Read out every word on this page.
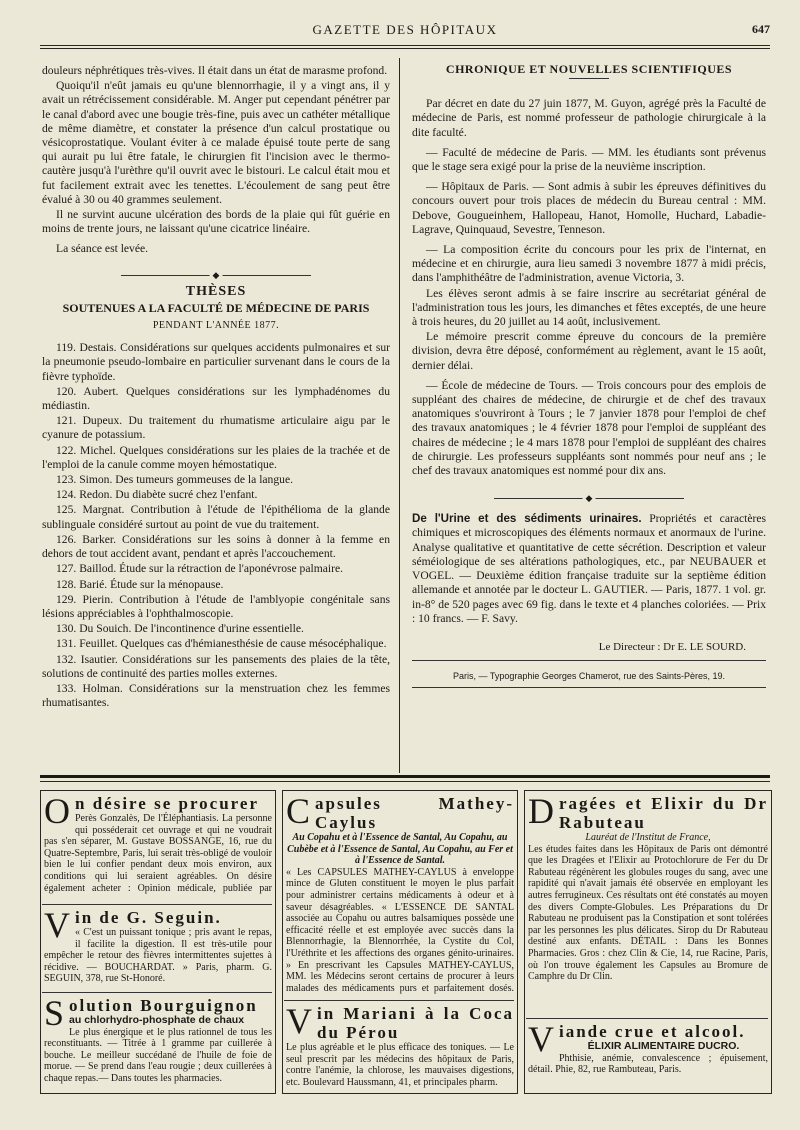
GAZETTE DES HÔPITAUX	647

douleurs néphrétiques très-vives. Il était dans un état de marasme profond.

Quoiqu'il n'eût jamais eu qu'une blennorrhagie, il y a vingt ans, il y avait un rétrécissement considérable. M. Anger put cependant pénétrer par le canal d'abord avec une bougie très-fine, puis avec un cathéter métallique de même diamètre, et constater la présence d'un calcul prostatique ou vésicoprostatique. Voulant éviter à ce malade épuisé toute perte de sang qui aurait pu lui être fatale, le chirurgien fit l'incision avec le thermo-cautère jusqu'à l'urèthre qu'il ouvrit avec le bistouri. Le calcul était mou et fut facilement extrait avec les tenettes. L'écoulement de sang peut être évalué à 30 ou 40 grammes seulement.

Il ne survint aucune ulcération des bords de la plaie qui fût guérie en moins de trente jours, ne laissant qu'une cicatrice linéaire.

La séance est levée.

◆
THÈSES
SOUTENUES A LA FACULTÉ DE MÉDECINE DE PARIS
PENDANT L'ANNÉE 1877.

119. Destais. Considérations sur quelques accidents pulmonaires et sur la pneumonie pseudo-lombaire en particulier survenant dans le cours de la fièvre typhoïde.

120. Aubert. Quelques considérations sur les lymphadénomes du médiastin.

121. Dupeux. Du traitement du rhumatisme articulaire aigu par le cyanure de potassium.

122. Michel. Quelques considérations sur les plaies de la trachée et de l'emploi de la canule comme moyen hémostatique.

123. Simon. Des tumeurs gommeuses de la langue.

124. Redon. Du diabète sucré chez l'enfant.

125. Margnat. Contribution à l'étude de l'épithélioma de la glande sublinguale considéré surtout au point de vue du traitement.

126. Barker. Considérations sur les soins à donner à la femme en dehors de tout accident avant, pendant et après l'accouchement.

127. Baillod. Étude sur la rétraction de l'aponévrose palmaire.

128. Barié. Étude sur la ménopause.

129. Pierin. Contribution à l'étude de l'amblyopie congénitale sans lésions appréciables à l'ophthalmoscopie.

130. Du Souich. De l'incontinence d'urine essentielle.

131. Feuillet. Quelques cas d'hémianesthésie de cause mésocéphalique.

132. Isautier. Considérations sur les pansements des plaies de la tête, solutions de continuité des parties molles externes.

133. Holman. Considérations sur la menstruation chez les femmes rhumatisantes.

CHRONIQUE ET NOUVELLES SCIENTIFIQUES

Par décret en date du 27 juin 1877, M. Guyon, agrégé près la Faculté de médecine de Paris, est nommé professeur de pathologie chirurgicale à la dite faculté.

— Faculté de médecine de Paris. — MM. les étudiants sont prévenus que le stage sera exigé pour la prise de la neuvième inscription.

— Hôpitaux de Paris. — Sont admis à subir les épreuves définitives du concours ouvert pour trois places de médecin du Bureau central : MM. Debove, Gougueinhem, Hallopeau, Hanot, Homolle, Huchard, Labadie-Lagrave, Quinquaud, Sevestre, Tenneson.

— La composition écrite du concours pour les prix de l'internat, en médecine et en chirurgie, aura lieu samedi 3 novembre 1877 à midi précis, dans l'amphithéâtre de l'administration, avenue Victoria, 3.

Les élèves seront admis à se faire inscrire au secrétariat général de l'administration tous les jours, les dimanches et fêtes exceptés, de une heure à trois heures, du 20 juillet au 14 août, inclusivement.

Le mémoire prescrit comme épreuve du concours de la première division, devra être déposé, conformément au règlement, avant le 15 août, dernier délai.

— École de médecine de Tours. — Trois concours pour des emplois de suppléant des chaires de médecine, de chirurgie et de chef des travaux anatomiques s'ouvriront à Tours ; le 7 janvier 1878 pour l'emploi de chef des travaux anatomiques ; le 4 février 1878 pour l'emploi de suppléant des chaires de médecine ; le 4 mars 1878 pour l'emploi de suppléant des chaires de chirurgie. Les professeurs suppléants sont nommés pour neuf ans ; le chef des travaux anatomiques est nommé pour dix ans.

◆

De l'Urine et des sédiments urinaires. Propriétés et caractères chimiques et microscopiques des éléments normaux et anormaux de l'urine. Analyse qualitative et quantitative de cette sécrétion. Description et valeur séméiologique de ses altérations pathologiques, etc., par NEUBAUER et VOGEL. — Deuxième édition française traduite sur la septième édition allemande et annotée par le docteur L. GAUTIER. — Paris, 1877. 1 vol. gr. in-8° de 520 pages avec 69 fig. dans le texte et 4 planches coloriées. — Prix : 10 francs. — F. Savy.

Le Directeur : Dr E. LE SOURD.
Paris, — Typographie Georges Chamerot, rue des Saints-Pères, 19.
On désire se procurer

Perès Gonzalès, De l'Éléphantiasis. La personne qui posséderait cet ouvrage et qui ne voudrait pas s'en séparer, M. Gustave BOSSANGE, 16, rue du Quatre-Septembre, Paris, lui serait très-obligé de vouloir bien le lui confier pendant deux mois environ, aux conditions qui lui seraient agréables. On désire également acheter : Opinion médicale, publiée par

Vin de G. Seguin.

« C'est un puissant tonique ; pris avant le repas, il facilite la digestion. Il est très-utile pour empêcher le retour des fièvres intermittentes sujettes à récidive. — BOUCHARDAT. » Paris, pharm. G. SEGUIN, 378, rue St-Honoré.

Solution Bourguignon
au chlorhydro-phosphate de chaux

Le plus énergique et le plus rationnel de tous les reconstituants. — Titrée à 1 gramme par cuillerée à bouche. Le meilleur succédané de l'huile de foie de morue. — Se prend dans l'eau rougie ; deux cuillerées à chaque repas.— Dans toutes les pharmacies.

Capsules Mathey-Caylus
Au Copahu et à l'Essence de Santal, Au Copahu, au Cubèbe et à l'Essence de Santal, Au Copahu, au Fer et à l'Essence de Santal.

« Les CAPSULES MATHEY-CAYLUS à enveloppe mince de Gluten constituent le moyen le plus parfait pour administrer certains médicaments à odeur et à saveur désagréables. « L'ESSENCE DE SANTAL associée au Copahu ou autres balsamiques possède une efficacité réelle et est employée avec succès dans la Blennorrhagie, la Blennorrhée, la Cystite du Col, l'Uréthrite et les affections des organes génito-urinaires. » En prescrivant les Capsules MATHEY-CAYLUS, MM. les Médecins seront certains de procurer à leurs malades des médicaments purs et parfaitement dosés.

Vin Mariani à la Coca du Pérou

Le plus agréable et le plus efficace des toniques. — Le seul prescrit par les médecins des hôpitaux de Paris, contre l'anémie, la chlorose, les mauvaises digestions, etc. Boulevard Haussmann, 41, et principales pharm.

Dragées et Elixir du Dr Rabuteau
Lauréat de l'Institut de France,

Les études faites dans les Hôpitaux de Paris ont démontré que les Dragées et l'Elixir au Protochlorure de Fer du Dr Rabuteau régénèrent les globules rouges du sang, avec une rapidité qui n'avait jamais été observée en employant les autres ferrugineux. Ces résultats ont été constatés au moyen des divers Compte-Globules. Les Préparations du Dr Rabuteau ne produisent pas la Constipation et sont tolérées par les personnes les plus délicates. Sirop du Dr Rabuteau destiné aux enfants. DÉTAIL : Dans les Bonnes Pharmacies. Gros : chez Clin & Cie, 14, rue Racine, Paris, où l'on trouve également les Capsules au Bromure de Camphre du Dr Clin.

Viande crue et alcool.
ÉLIXIR ALIMENTAIRE DUCRO.

Phthisie, anémie, convalescence ; épuisement, détail. Phie, 82, rue Rambuteau, Paris.
